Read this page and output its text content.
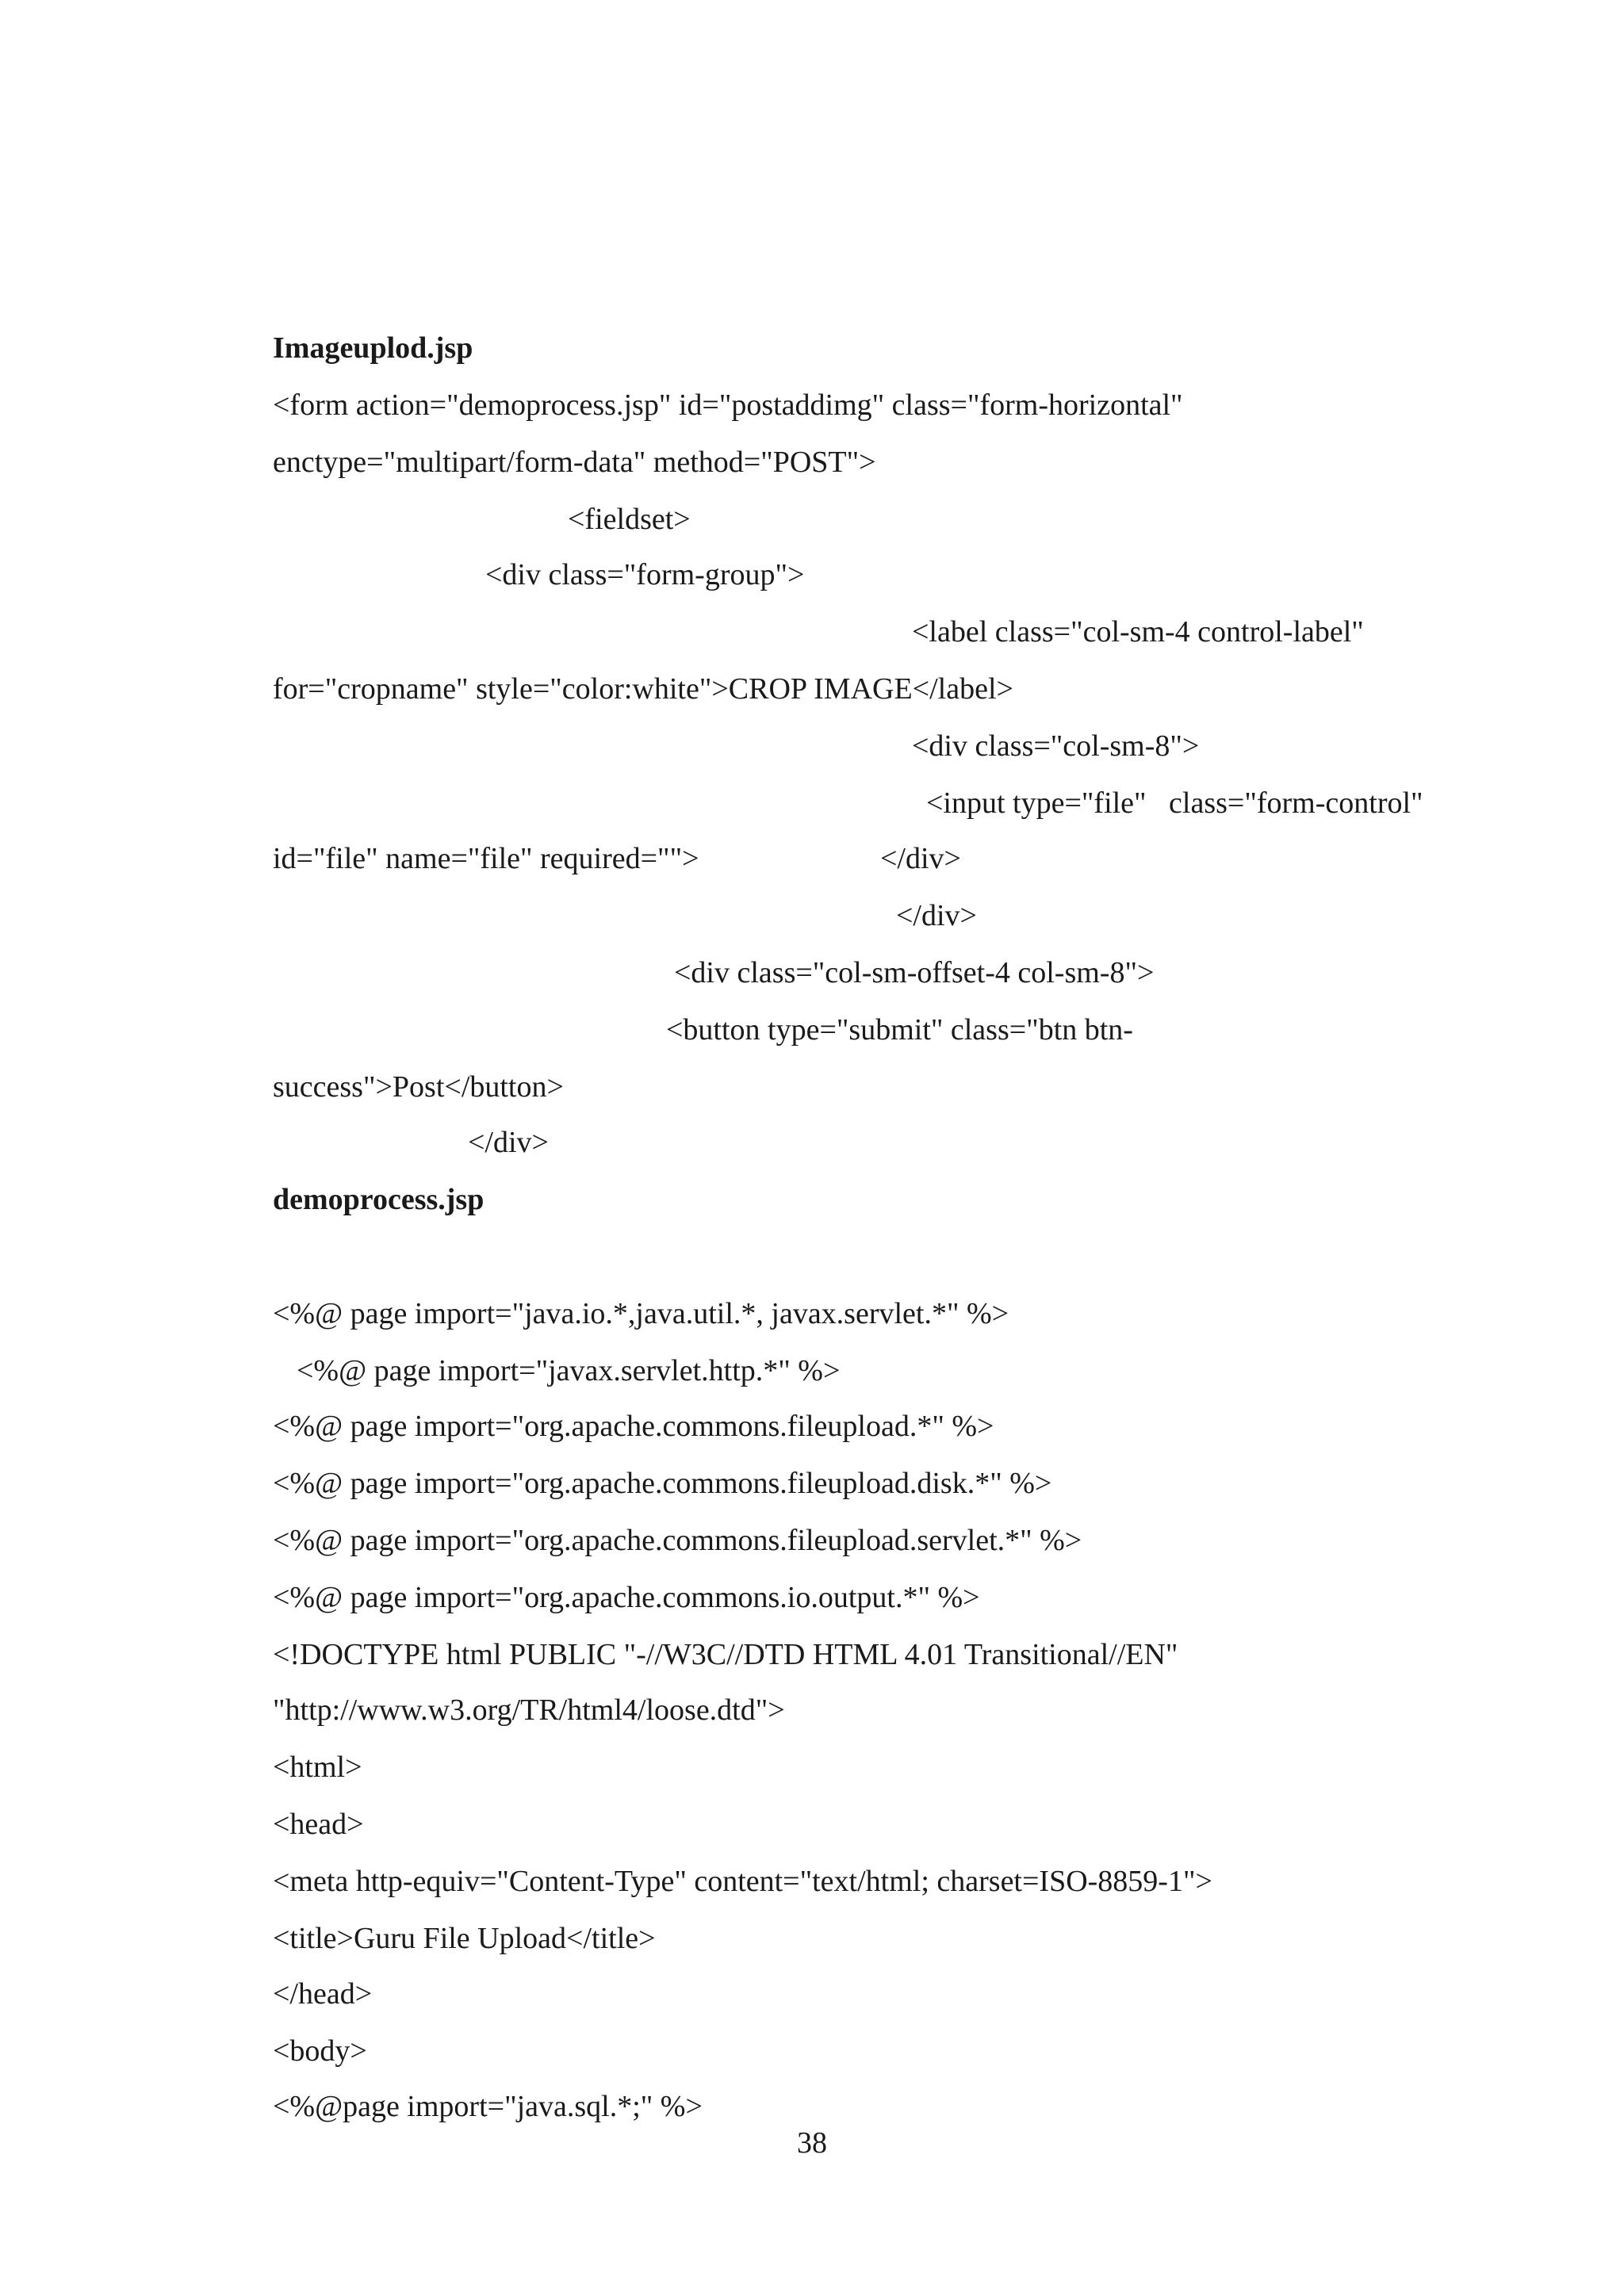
Imageuplod.jsp
<form action="demoprocess.jsp" id="postaddimg" class="form-horizontal"
enctype="multipart/form-data" method="POST">
<fieldset>
<div class="form-group">
<label class="col-sm-4 control-label"
for="cropname" style="color:white">CROP IMAGE</label>
<div class="col-sm-8">
<input type="file"   class="form-control"
id="file" name="file" required="">	</div>
</div>
<div class="col-sm-offset-4 col-sm-8">
<button type="submit" class="btn btn-
success">Post</button>
</div>
demoprocess.jsp
<%@ page import="java.io.*,java.util.*, javax.servlet.*" %>
<%@ page import="javax.servlet.http.*" %>
<%@ page import="org.apache.commons.fileupload.*" %>
<%@ page import="org.apache.commons.fileupload.disk.*" %>
<%@ page import="org.apache.commons.fileupload.servlet.*" %>
<%@ page import="org.apache.commons.io.output.*" %>
<!DOCTYPE html PUBLIC "-//W3C//DTD HTML 4.01 Transitional//EN"
"http://www.w3.org/TR/html4/loose.dtd">
<html>
<head>
<meta http-equiv="Content-Type" content="text/html; charset=ISO-8859-1">
<title>Guru File Upload</title>
</head>
<body>
<%@page import="java.sql.*;" %>
38
